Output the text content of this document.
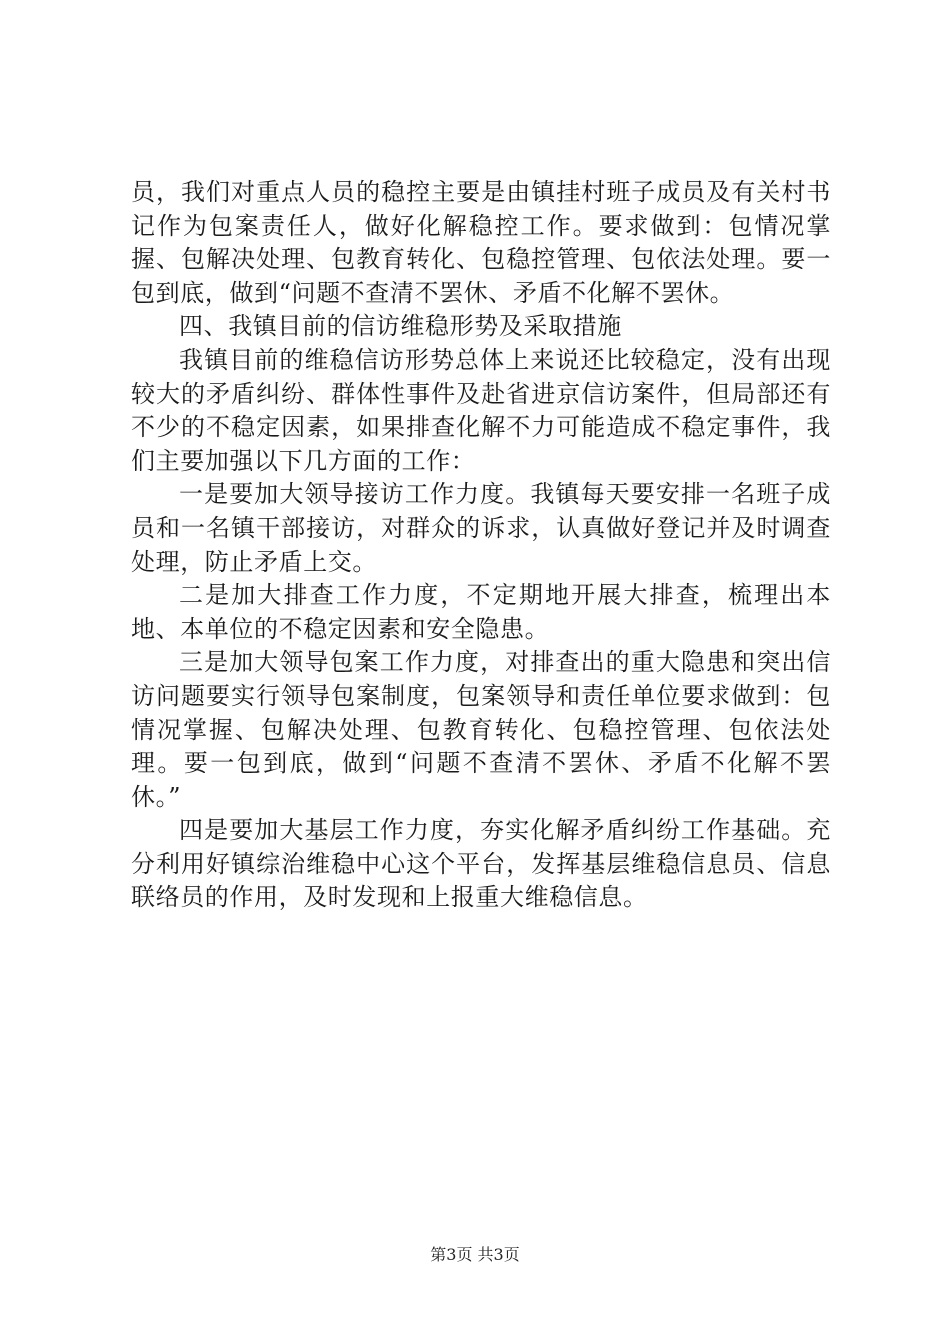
员，我们对重点人员的稳控主要是由镇挂村班子成员及有关村书记作为包案责任人，做好化解稳控工作。要求做到：包情况掌握、包解决处理、包教育转化、包稳控管理、包依法处理。要一包到底，做到“问题不查清不罢休、矛盾不化解不罢休。

四、我镇目前的信访维稳形势及采取措施

我镇目前的维稳信访形势总体上来说还比较稳定，没有出现较大的矛盾纠纷、群体性事件及赴省进京信访案件，但局部还有不少的不稳定因素，如果排查化解不力可能造成不稳定事件，我们主要加强以下几方面的工作：

一是要加大领导接访工作力度。我镇每天要安排一名班子成员和一名镇干部接访，对群众的诉求，认真做好登记并及时调查处理，防止矛盾上交。

二是加大排查工作力度，不定期地开展大排查，梳理出本地、本单位的不稳定因素和安全隐患。

三是加大领导包案工作力度，对排查出的重大隐患和突出信访问题要实行领导包案制度，包案领导和责任单位要求做到：包情况掌握、包解决处理、包教育转化、包稳控管理、包依法处理。要一包到底，做到“问题不查清不罢休、矛盾不化解不罢休。”

四是要加大基层工作力度，夯实化解矛盾纠纷工作基础。充分利用好镇综治维稳中心这个平台，发挥基层维稳信息员、信息联络员的作用，及时发现和上报重大维稳信息。

第3页 共3页
